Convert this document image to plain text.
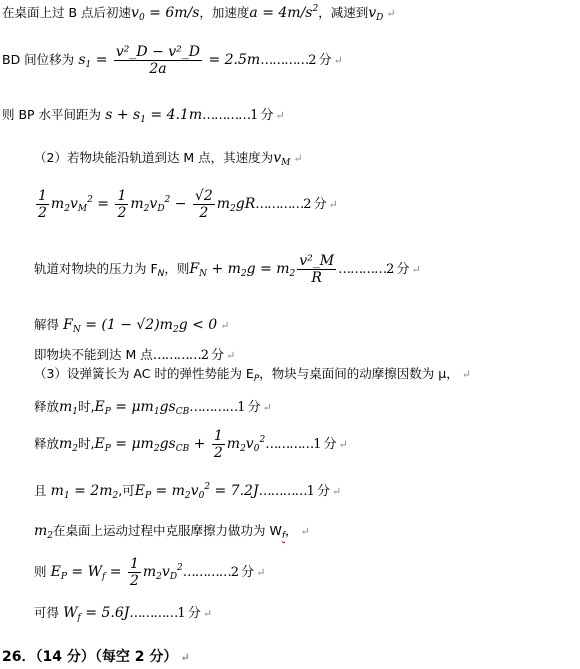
在桌面上过 B 点后初速$v_0 = 6m/s$，加速度$a = 4m/s^2$，减速到$v_D$ ↵
BD 间位移为 $s_1 = \frac{\text{v²\_D − v²\_D}}{2a}$ = 2.5m…………2 分 ↵
则 BP 水平间距为 $s + s_1$ = 4.1m…………1 分 ↵
（2）若物块能沿轨道到达 M 点，其速度为$v_M$ ↵
$\frac{1}{2} m_2v_M^2 = \frac{1}{2} m_2v_D^2 - \frac{√2}{2}$ $m_2gR\dots\dots\dots\dots 2$ 分 ↵
轨道对物块的压力为 $F_N$，则$F_N + m_2g = m_2 \frac{\text{v²\_M}}{R}$ …………2 分 ↵
解得 $F_N = (1 - √2)m_2g < 0$ ↵
即物块不能到达 M 点…………2 分 ↵
（3）设弹簧长为 AC 时的弹性势能为 $E_P$，物块与桌面间的动摩擦因数为 μ， ↵
释放$m_1$时$,E_P$ = $\mu m_1gs_{CB}\dots\dots\dots\dots 1$ 分 ↵
释放$m_2$时$,E_P = \mu m_2gs_{CB} + \frac{1}{2}$ $m_2v_0^2\dots\dots\dots\dots 1$ 分 ↵
且 $m_1 = 2m_2$,可$E_P = m_2v_0^2$ = 7.2J…………1 分 ↵
$m_2$在桌面上运动过程中克服摩擦力做功为 $W_f$， ↵
则 $E_P = W_f = \frac{1}{2}$ $m_2v_D^2\dots\dots\dots\dots 2$ 分 ↵
可得 $W_f$ = 5.6J…………1 分 ↵
26．（14 分）（每空 2 分） ↵
